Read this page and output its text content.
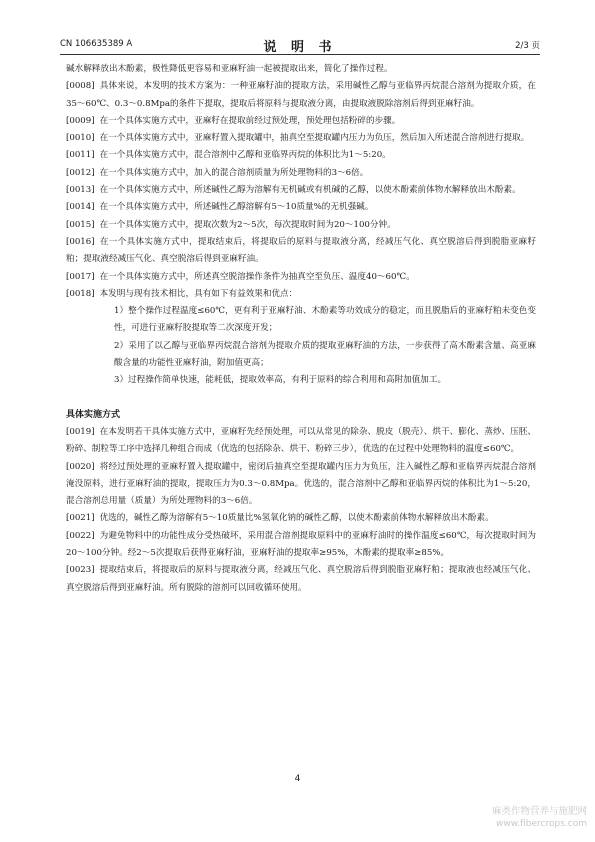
CN 106635389 A	说 明 书	2/3 页

碱水解释放出木酚素，极性降低更容易和亚麻籽油一起被提取出来，简化了操作过程。

[0008] 具体来说，本发明的技术方案为：一种亚麻籽油的提取方法，采用碱性乙醇与亚临界丙烷混合溶剂为提取介质，在35～60℃、0.3～0.8Mpa的条件下提取，提取后将原料与提取液分离，由提取液脱除溶剂后得到亚麻籽油。

[0009] 在一个具体实施方式中，亚麻籽在提取前经过预处理，预处理包括粉碎的步骤。

[0010] 在一个具体实施方式中，亚麻籽置入提取罐中，抽真空至提取罐内压力为负压，然后加入所述混合溶剂进行提取。

[0011] 在一个具体实施方式中，混合溶剂中乙醇和亚临界丙烷的体积比为1～5:20。

[0012] 在一个具体实施方式中，加入的混合溶剂质量为所处理物料的3～6倍。

[0013] 在一个具体实施方式中，所述碱性乙醇为溶解有无机碱或有机碱的乙醇，以使木酚素前体物水解释放出木酚素。

[0014] 在一个具体实施方式中，所述碱性乙醇溶解有5～10质量%的无机强碱。

[0015] 在一个具体实施方式中，提取次数为2～5次，每次提取时间为20～100分钟。

[0016] 在一个具体实施方式中，提取结束后，将提取后的原料与提取液分离，经减压气化、真空脱溶后得到脱脂亚麻籽粕；提取液经减压气化、真空脱溶后得到亚麻籽油。

[0017] 在一个具体实施方式中，所述真空脱溶操作条件为抽真空至负压、温度40～60℃。

[0018] 本发明与现有技术相比，具有如下有益效果和优点：

1）整个操作过程温度≤60℃，更有利于亚麻籽油、木酚素等功效成分的稳定，而且脱脂后的亚麻籽粕未变色变性，可进行亚麻籽胶提取等二次深度开发；

2）采用了以乙醇与亚临界丙烷混合溶剂为提取介质的提取亚麻籽油的方法，一步获得了高木酚素含量、高亚麻酸含量的功能性亚麻籽油，附加值更高；

3）过程操作简单快速，能耗低，提取效率高，有利于原料的综合利用和高附加值加工。

具体实施方式

[0019] 在本发明若干具体实施方式中，亚麻籽先经预处理，可以从常见的除杂、脱皮（脱壳）、烘干、膨化、蒸炒、压胚、粉碎、制粒等工序中选择几种组合而成（优选的包括除杂、烘干、粉碎三步），优选的在过程中处理物料的温度≤60℃。

[0020] 将经过预处理的亚麻籽置入提取罐中，密闭后抽真空至提取罐内压力为负压，注入碱性乙醇和亚临界丙烷混合溶剂淹没原料，进行亚麻籽油的提取，提取压力为0.3～0.8Mpa。优选的，混合溶剂中乙醇和亚临界丙烷的体积比为1～5:20，混合溶剂总用量（质量）为所处理物料的3～6倍。

[0021] 优选的，碱性乙醇为溶解有5～10质量比%氢氧化钠的碱性乙醇，以使木酚素前体物水解释放出木酚素。

[0022] 为避免物料中的功能性成分受热破坏，采用混合溶剂提取原料中的亚麻籽油时的操作温度≤60℃，每次提取时间为20～100分钟。经2～5次提取后获得亚麻籽油，亚麻籽油的提取率≥95%，木酚素的提取率≥85%。

[0023] 提取结束后，将提取后的原料与提取液分离，经减压气化、真空脱溶后得到脱脂亚麻籽粕；提取液也经减压气化、真空脱溶后得到亚麻籽油。所有脱除的溶剂可以回收循环使用。

4
麻类作物营养与施肥网
www.fibercrops.com
